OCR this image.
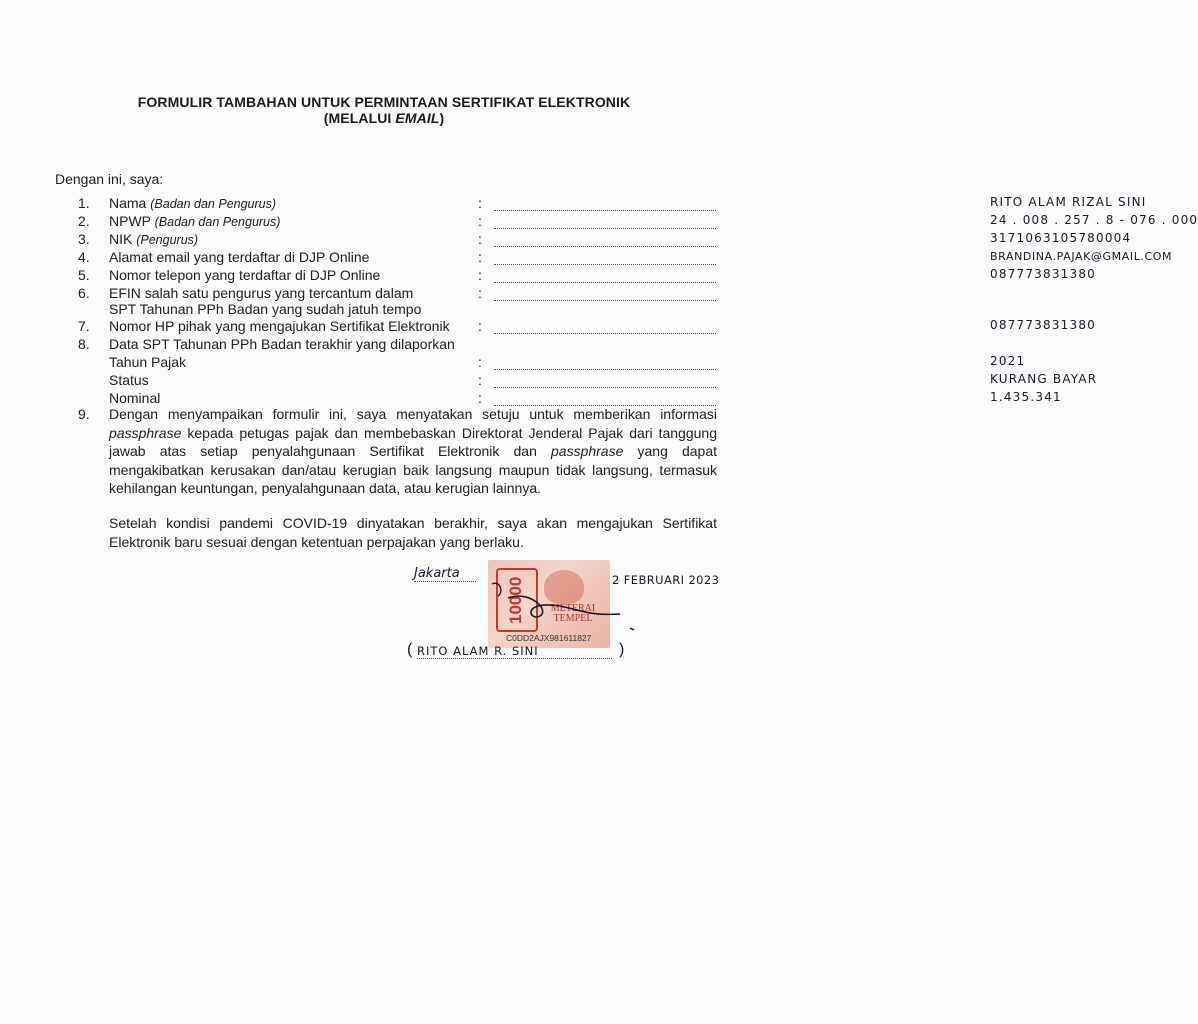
FORMULIR TAMBAHAN UNTUK PERMINTAAN SERTIFIKAT ELEKTRONIK
(MELALUI EMAIL)
Dengan ini, saya:
1.	Nama (Badan dan Pengurus)	:	RITO ALAM RIZAL SINI
2.	NPWP (Badan dan Pengurus)	:	24 . 008 . 257 . 8 - 076 . 000
3.	NIK (Pengurus)	:	3171063105780004
4.	Alamat email yang terdaftar di DJP Online	:	BRANDINA.PAJAK@GMAIL.COM
5.	Nomor telepon yang terdaftar di DJP Online	:	087773831380
6.	EFIN salah satu pengurus yang tercantum dalam	:
SPT Tahunan PPh Badan yang sudah jatuh tempo
7.	Nomor HP pihak yang mengajukan Sertifikat Elektronik :	087773831380
8.	Data SPT Tahunan PPh Badan terakhir yang dilaporkan
Tahun Pajak	:	2021
Status	:	KURANG BAYAR
Nominal	:	1.435.341
9.	Dengan menyampaikan formulir ini, saya menyatakan setuju untuk memberikan informasi passphrase kepada petugas pajak dan membebaskan Direktorat Jenderal Pajak dari tanggung jawab atas setiap penyalahgunaan Sertifikat Elektronik dan passphrase yang dapat mengakibatkan kerusakan dan/atau kerugian baik langsung maupun tidak langsung, termasuk kehilangan keuntungan, penyalahgunaan data, atau kerugian lainnya.
Setelah kondisi pandemi COVID-19 dinyatakan berakhir, saya akan mengajukan Sertifikat Elektronik baru sesuai dengan ketentuan perpajakan yang berlaku.
Jakarta
10000	METERAI
TEMPEL
C0DD2AJX981611827
2 FEBRUARI 2023
( RITO ALAM R. SINI	)
